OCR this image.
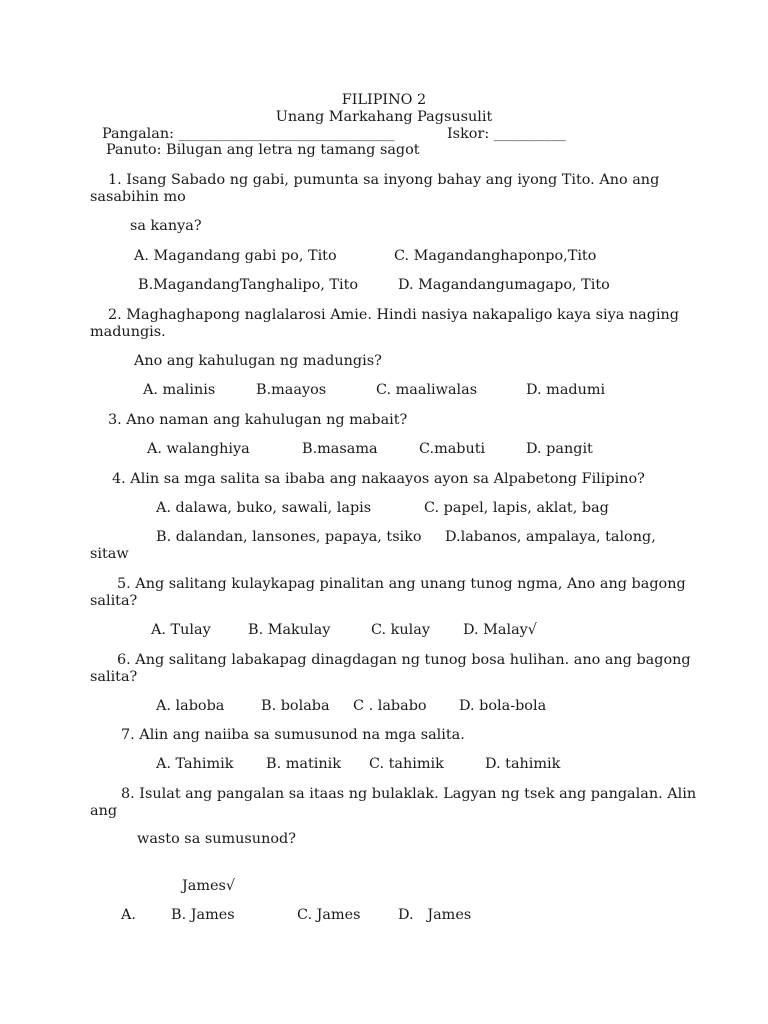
FILIPINO 2
Unang Markahang Pagsusulit
Pangalan: ______________________________	Iskor: __________
Panuto: Bilugan ang letra ng tamang sagot
1. Isang Sabado ng gabi, pumunta sa inyong bahay ang iyong Tito. Ano ang
sasabihin mo
sa kanya?
A. Magandang gabi po, Tito	C. Magandanghaponpo,Tito
B.MagandangTanghalipo, Tito	D. Magandangumagapo, Tito
2. Maghaghapong naglalarosi Amie. Hindi nasiya nakapaligo kaya siya naging
madungis.
Ano ang kahulugan ng madungis?
A. malinis	B.maayos	C. maaliwalas	D. madumi
3. Ano naman ang kahulugan ng mabait?
A. walanghiya	B.masama	C.mabuti	D. pangit
4. Alin sa mga salita sa ibaba ang nakaayos ayon sa Alpabetong Filipino?
A. dalawa, buko, sawali, lapis	C. papel, lapis, aklat, bag
B. dalandan, lansones, papaya, tsiko D.labanos, ampalaya, talong,
sitaw
5. Ang salitang kulaykapag pinalitan ang unang tunog ngma, Ano ang bagong
salita?
A. Tulay	B. Makulay	C. kulay D. Malay√
6. Ang salitang labakapag dinagdagan ng tunog bosa hulihan. ano ang bagong
salita?
A. laboba	B. bolaba C . lababo D. bola-bola
7. Alin ang naiiba sa sumusunod na mga salita.
A. Tahimik B. matinik C. tahimik	D. tahimik
8. Isulat ang pangalan sa itaas ng bulaklak. Lagyan ng tsek ang pangalan. Alin
ang
wasto sa sumusunod?
James√
A. B. James	C. James	D.   James
